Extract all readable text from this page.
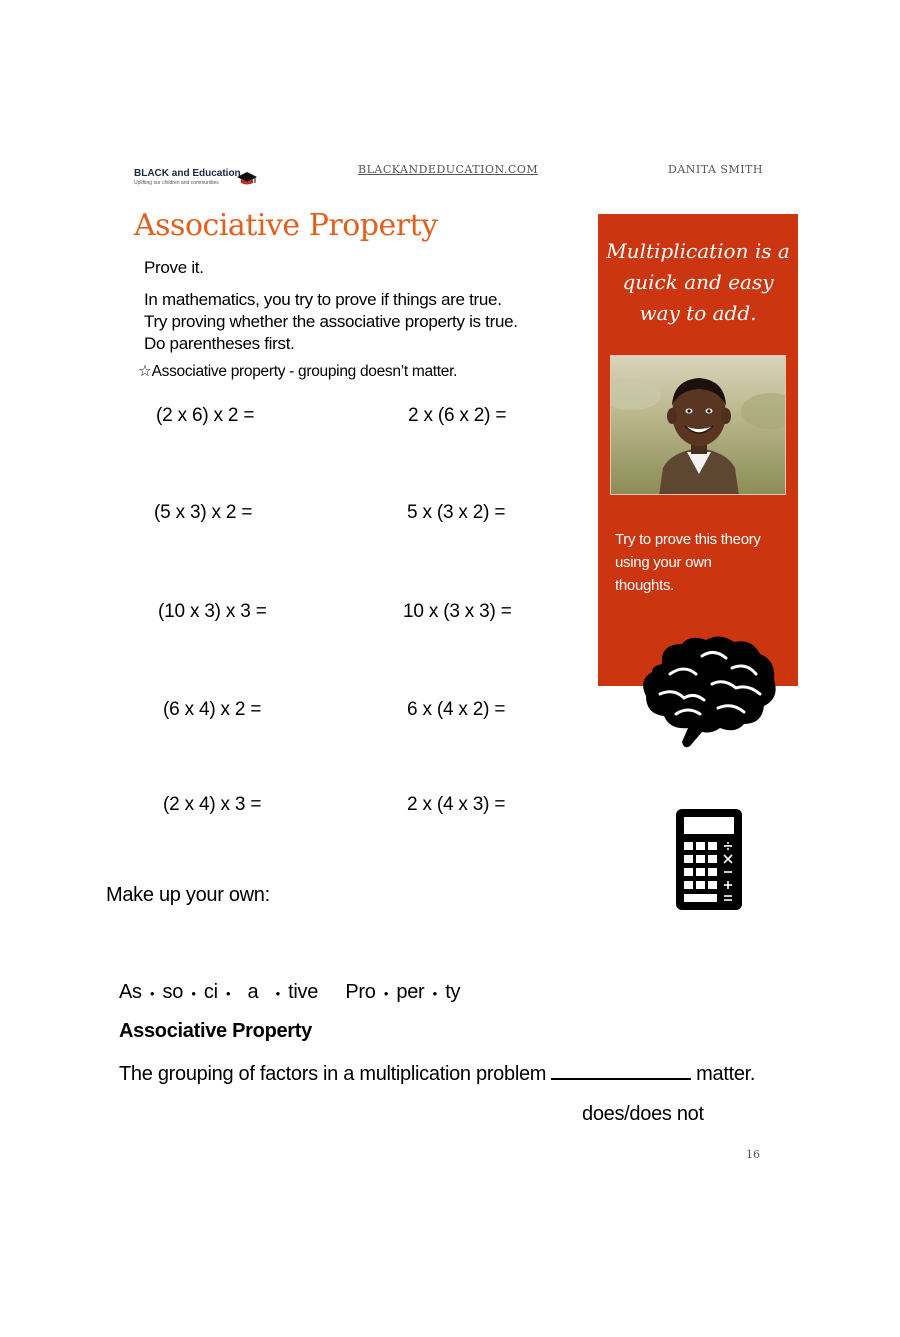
BLACK and Education
Uplifting our children and communities
BLACKANDEDUCATION.COM	DANITA SMITH
Associative Property
Prove it.
In mathematics, you try to prove if things are true.
Try proving whether the associative property is true.
Do parentheses first.
☆Associative property - grouping doesn’t matter.
(2 x 6) x 2 =	2 x (6 x 2) =
(5 x 3) x 2 =	5 x (3 x 2) =
(10 x 3) x 3 =	10 x (3 x 3) =
(6 x 4) x 2 =	6 x (4 x 2) =
(2 x 4) x 3 =	2 x (4 x 3) =
Make up your own:
As • so • ci • a • tive Pro • per • ty
Associative Property
The grouping of factors in a multiplication problem	matter.
does/does not
16
Multiplication is a
quick and easy
way to add.
Try to prove this theory
using your own
thoughts.
